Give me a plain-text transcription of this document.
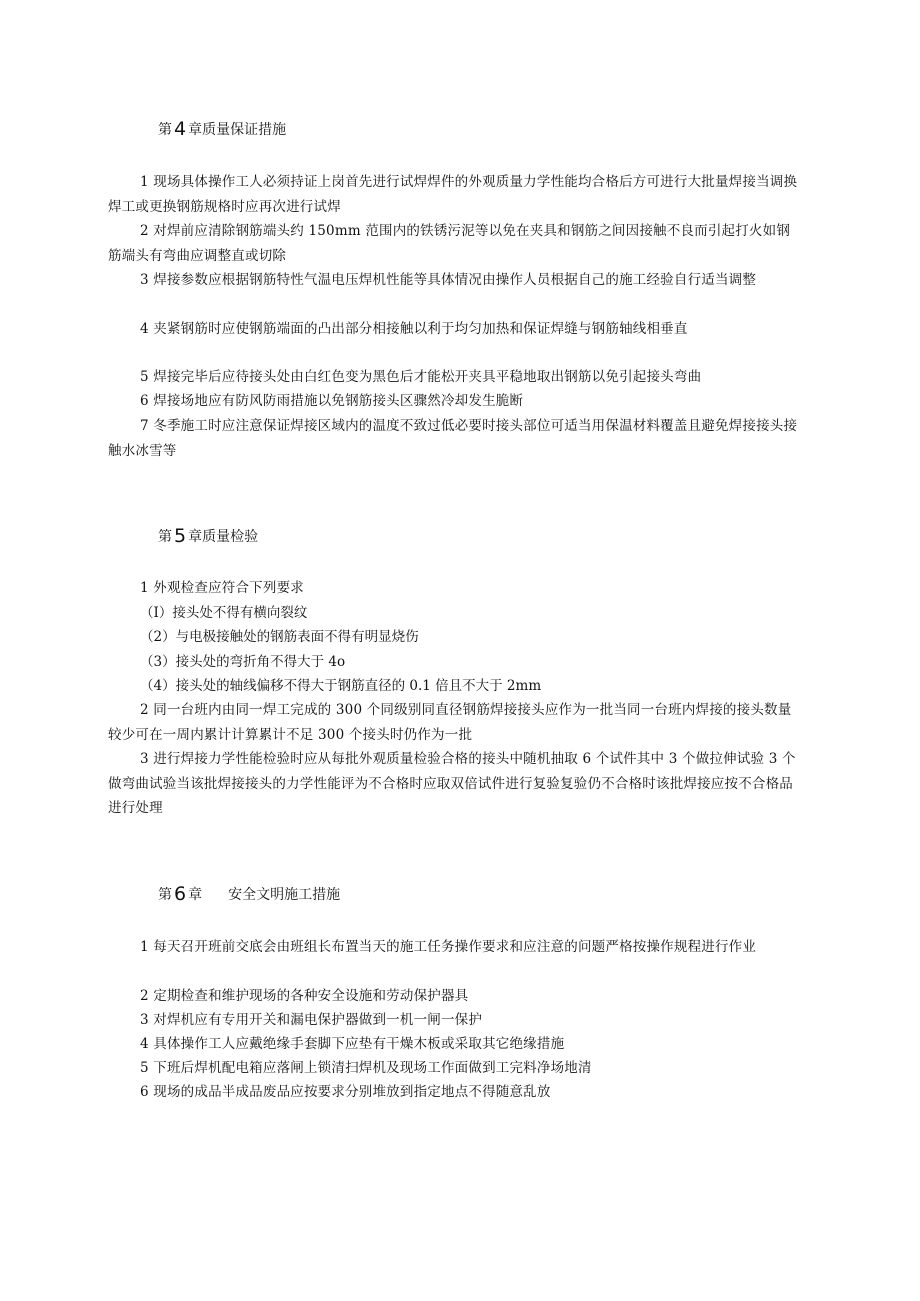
第 4 章质量保证措施

1 现场具体操作工人必须持证上岗首先进行试焊焊件的外观质量力学性能均合格后方可进行大批量焊接当调换焊工或更换钢筋规格时应再次进行试焊

2 对焊前应清除钢筋端头约 150mm 范围内的铁锈污泥等以免在夹具和钢筋之间因接触不良而引起打火如钢筋端头有弯曲应调整直或切除

3 焊接参数应根据钢筋特性气温电压焊机性能等具体情况由操作人员根据自己的施工经验自行适当调整

4 夹紧钢筋时应使钢筋端面的凸出部分相接触以利于均匀加热和保证焊缝与钢筋轴线相垂直

5 焊接完毕后应待接头处由白红色变为黑色后才能松开夹具平稳地取出钢筋以免引起接头弯曲

6 焊接场地应有防风防雨措施以免钢筋接头区骤然冷却发生脆断

7 冬季施工时应注意保证焊接区域内的温度不致过低必要时接头部位可适当用保温材料覆盖且避免焊接接头接触水冰雪等

第 5 章质量检验

1 外观检查应符合下列要求

（I）接头处不得有横向裂纹

（2）与电极接触处的钢筋表面不得有明显烧伤

（3）接头处的弯折角不得大于 4o

（4）接头处的轴线偏移不得大于钢筋直径的 0.1 倍且不大于 2mm

2 同一台班内由同一焊工完成的 300 个同级别同直径钢筋焊接接头应作为一批当同一台班内焊接的接头数量较少可在一周内累计计算累计不足 300 个接头时仍作为一批

3 进行焊接力学性能检验时应从每批外观质量检验合格的接头中随机抽取 6 个试件其中 3 个做拉伸试验 3 个做弯曲试验当该批焊接接头的力学性能评为不合格时应取双倍试件进行复验复验仍不合格时该批焊接应按不合格品进行处理

第 6 章 安全文明施工措施

1 每天召开班前交底会由班组长布置当天的施工任务操作要求和应注意的问题严格按操作规程进行作业

2 定期检查和维护现场的各种安全设施和劳动保护器具

3 对焊机应有专用开关和漏电保护器做到一机一闸一保护

4 具体操作工人应戴绝缘手套脚下应垫有干燥木板或采取其它绝缘措施

5 下班后焊机配电箱应落闸上锁清扫焊机及现场工作面做到工完料净场地清

6 现场的成品半成品废品应按要求分别堆放到指定地点不得随意乱放
